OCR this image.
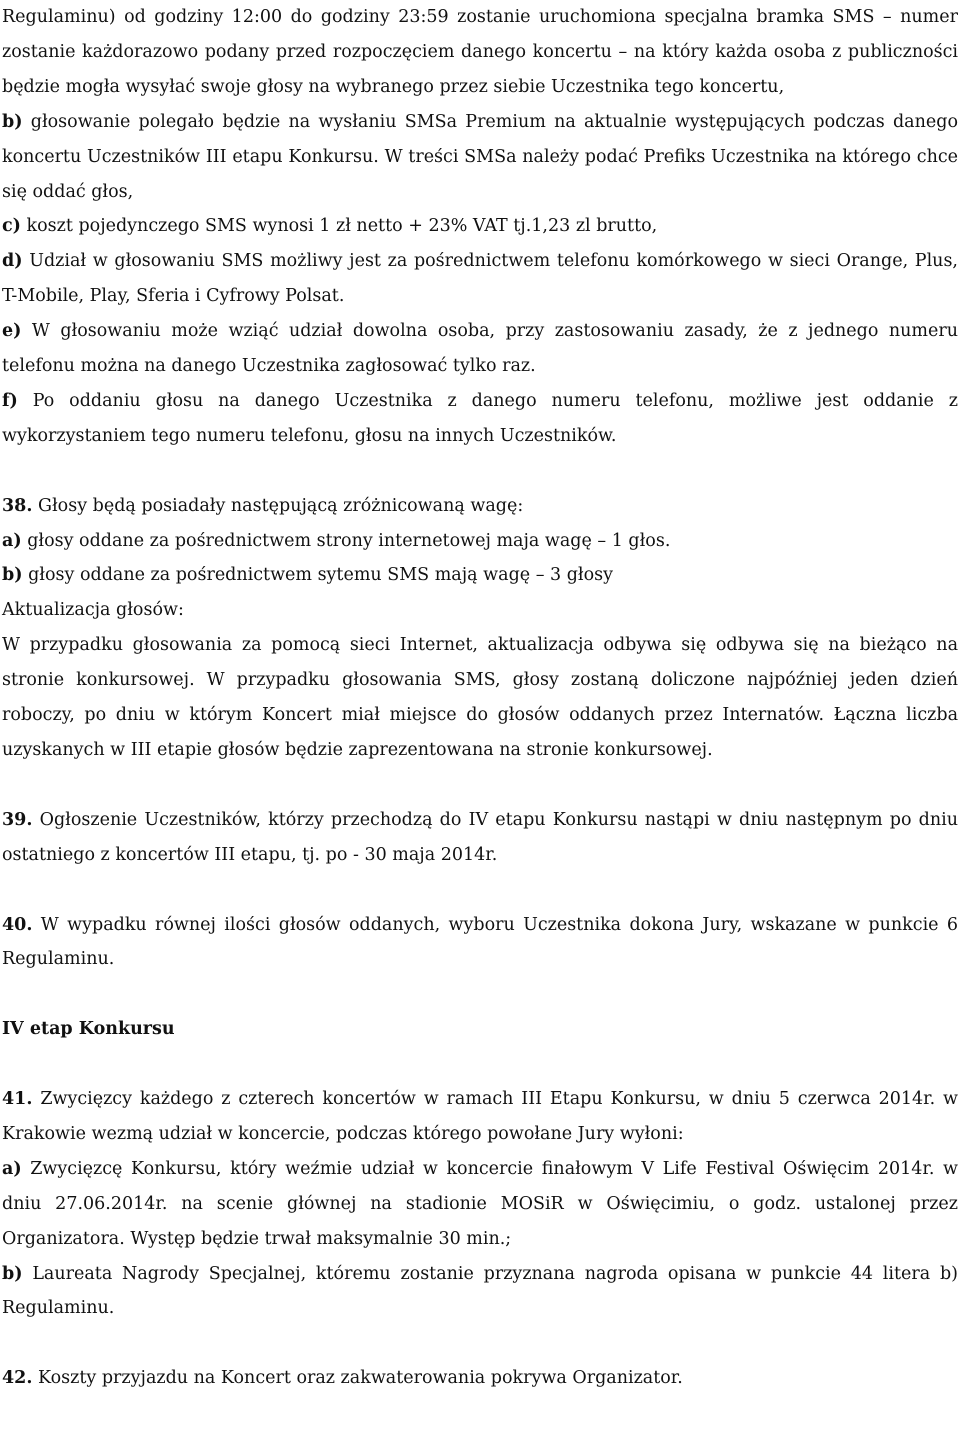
Regulaminu) od godziny 12:00 do godziny 23:59 zostanie uruchomiona specjalna bramka SMS – numer zostanie każdorazowo podany przed rozpoczęciem danego koncertu – na który każda osoba z publiczności będzie mogła wysyłać swoje głosy na wybranego przez siebie Uczestnika tego koncertu,

b) głosowanie polegało będzie na wysłaniu SMSa Premium na aktualnie występujących podczas danego koncertu Uczestników III etapu Konkursu. W treści SMSa należy podać Prefiks Uczestnika na którego chce się oddać głos,

c) koszt pojedynczego SMS wynosi 1 zł netto + 23% VAT tj.1,23 zl brutto,

d) Udział w głosowaniu SMS możliwy jest za pośrednictwem telefonu komórkowego w sieci Orange, Plus, T-Mobile, Play, Sferia i Cyfrowy Polsat.

e) W głosowaniu może wziąć udział dowolna osoba, przy zastosowaniu zasady, że z jednego numeru telefonu można na danego Uczestnika zagłosować tylko raz.

f) Po oddaniu głosu na danego Uczestnika z danego numeru telefonu, możliwe jest oddanie z wykorzystaniem tego numeru telefonu, głosu na innych Uczestników.

38. Głosy będą posiadały następującą zróżnicowaną wagę:

a) głosy oddane za pośrednictwem strony internetowej maja wagę – 1 głos.

b) głosy oddane za pośrednictwem sytemu SMS mają wagę – 3 głosy

Aktualizacja głosów:

W przypadku głosowania za pomocą sieci Internet, aktualizacja odbywa się odbywa się na bieżąco na stronie konkursowej. W przypadku głosowania SMS, głosy zostaną doliczone najpóźniej jeden dzień roboczy, po dniu w którym Koncert miał miejsce do głosów oddanych przez Internatów. Łączna liczba uzyskanych w III etapie głosów będzie zaprezentowana na stronie konkursowej.

39. Ogłoszenie Uczestników, którzy przechodzą do IV etapu Konkursu nastąpi w dniu następnym po dniu ostatniego z koncertów III etapu, tj. po - 30 maja 2014r.

40. W wypadku równej ilości głosów oddanych, wyboru Uczestnika dokona Jury, wskazane w punkcie 6 Regulaminu.

IV etap Konkursu

41. Zwycięzcy każdego z czterech koncertów w ramach III Etapu Konkursu, w dniu 5 czerwca 2014r. w Krakowie wezmą udział w koncercie, podczas którego powołane Jury wyłoni:

a) Zwycięzcę Konkursu, który weźmie udział w koncercie finałowym V Life Festival Oświęcim 2014r. w dniu 27.06.2014r. na scenie głównej na stadionie MOSiR w Oświęcimiu, o godz. ustalonej przez Organizatora. Występ będzie trwał maksymalnie 30 min.;

b) Laureata Nagrody Specjalnej, któremu zostanie przyznana nagroda opisana w punkcie 44 litera b) Regulaminu.

42. Koszty przyjazdu na Koncert oraz zakwaterowania pokrywa Organizator.
